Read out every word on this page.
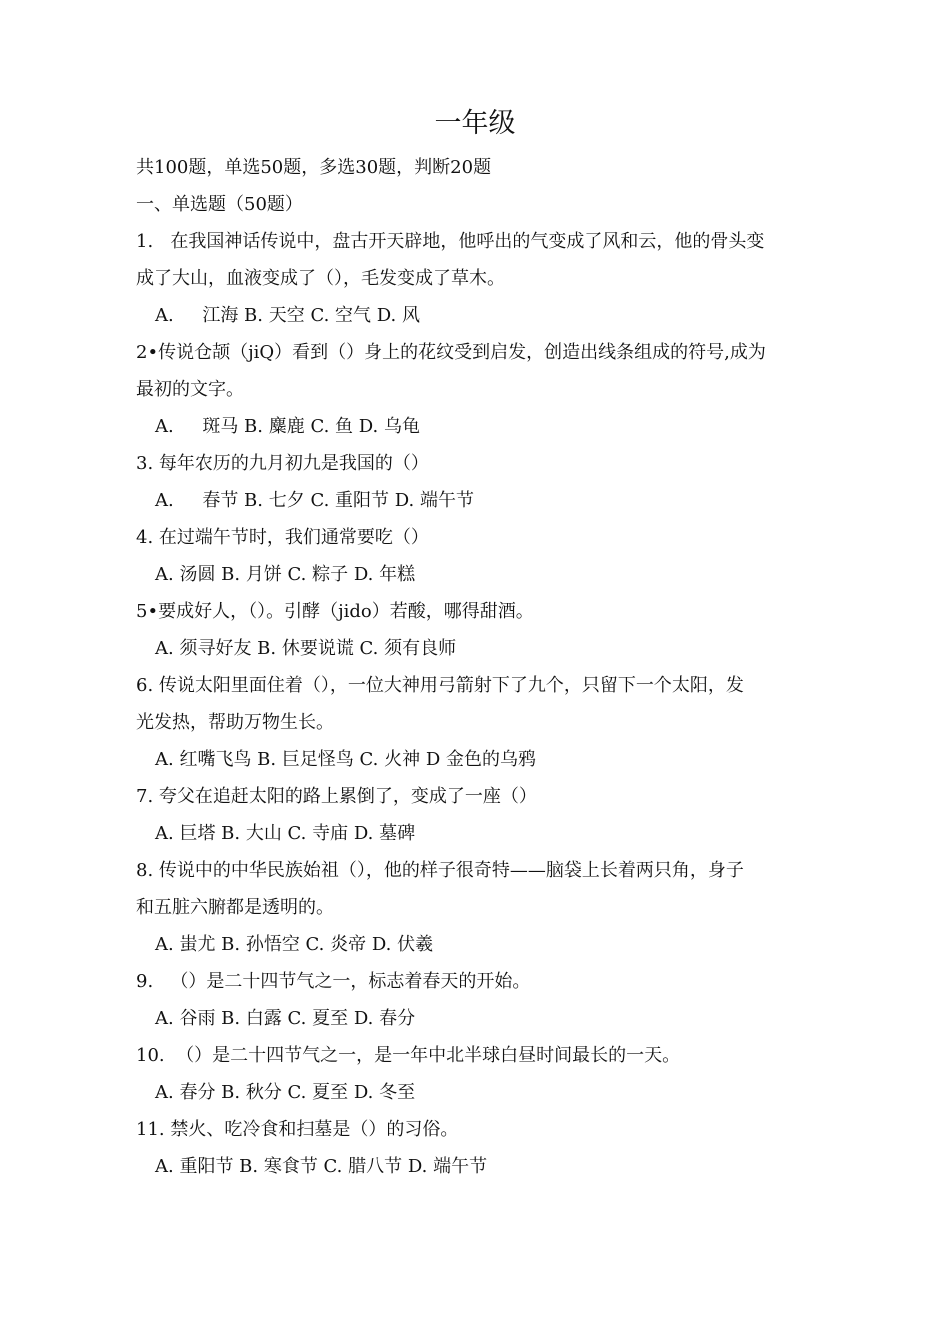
一年级
共100题，单选50题，多选30题，判断20题
一、单选题（50题）
1.   在我国神话传说中，盘古开天辟地，他呼出的气变成了风和云，他的骨头变
成了大山，血液变成了（），毛发变成了草木。
A.     江海 B. 天空 C. 空气 D. 风
2•传说仓颉（jiQ）看到（）身上的花纹受到启发，创造出线条组成的符号,成为
最初的文字。
A.     斑马 B. 麋鹿 C. 鱼 D. 乌龟
3. 每年农历的九月初九是我国的（）
A.     春节 B. 七夕 C. 重阳节 D. 端午节
4. 在过端午节时，我们通常要吃（）
A. 汤圆 B. 月饼 C. 粽子 D. 年糕
5•要成好人，（）。引酵（jido）若酸，哪得甜酒。
A. 须寻好友 B. 休要说谎 C. 须有良师
6. 传说太阳里面住着（），一位大神用弓箭射下了九个，只留下一个太阳，发
光发热，帮助万物生长。
A. 红嘴飞鸟 B. 巨足怪鸟 C. 火神 D 金色的乌鸦
7. 夸父在追赶太阳的路上累倒了，变成了一座（）
A. 巨塔 B. 大山 C. 寺庙 D. 墓碑
8. 传说中的中华民族始祖（），他的样子很奇特——脑袋上长着两只角，身子
和五脏六腑都是透明的。
A. 蚩尤 B. 孙悟空 C. 炎帝 D. 伏羲
9.   （）是二十四节气之一，标志着春天的开始。
A. 谷雨 B. 白露 C. 夏至 D. 春分
10.  （）是二十四节气之一，是一年中北半球白昼时间最长的一天。
A. 春分 B. 秋分 C. 夏至 D. 冬至
11. 禁火、吃冷食和扫墓是（）的习俗。
A. 重阳节 B. 寒食节 C. 腊八节 D. 端午节
